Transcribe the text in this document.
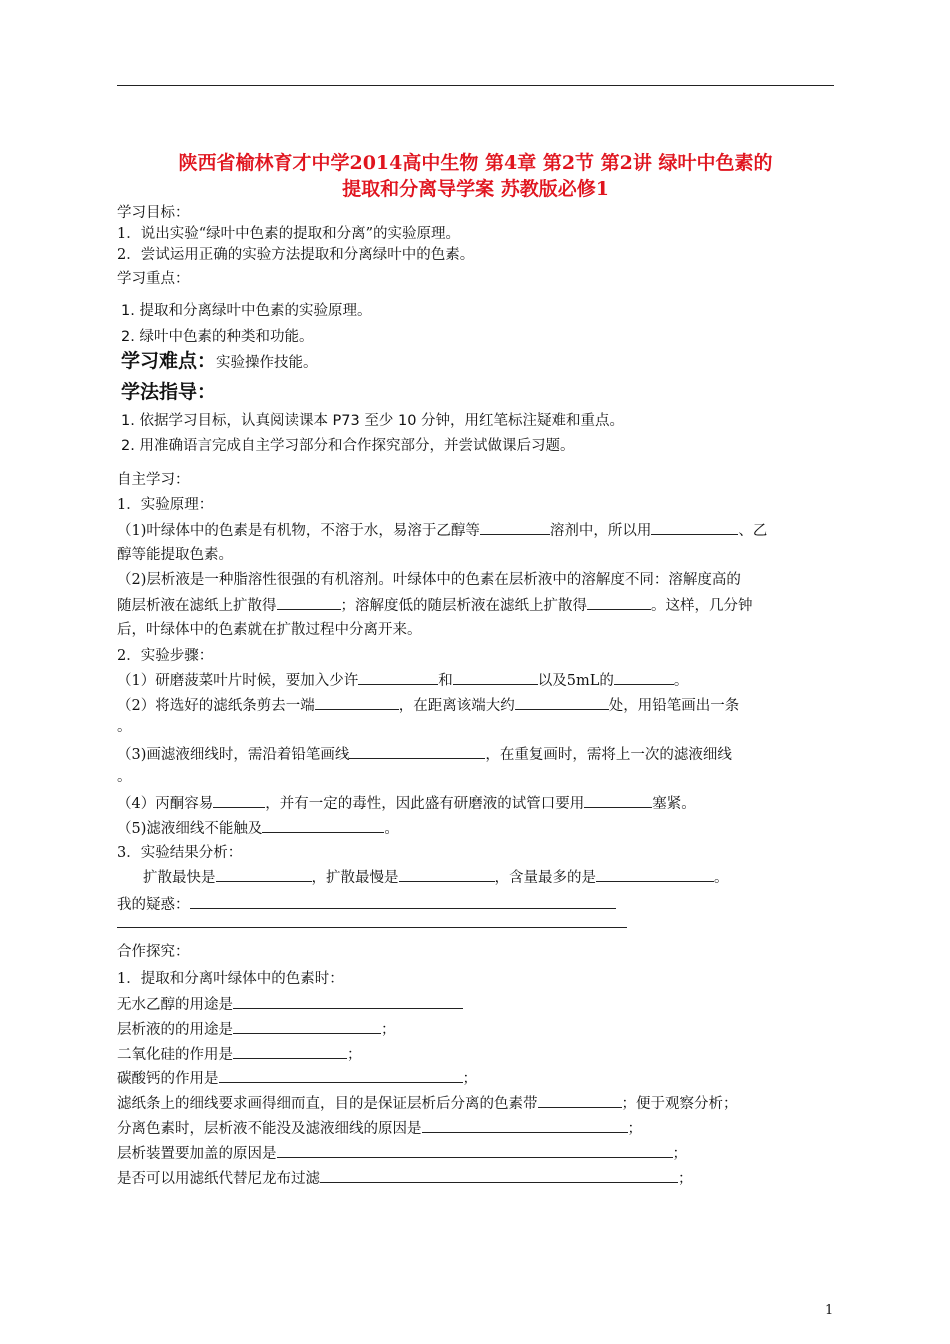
陕西省榆林育才中学2014高中生物 第4章 第2节 第2讲 绿叶中色素的
提取和分离导学案 苏教版必修1
学习目标：
1．说出实验“绿叶中色素的提取和分离”的实验原理。
2．尝试运用正确的实验方法提取和分离绿叶中的色素。
学习重点：
1. 提取和分离绿叶中色素的实验原理。
2. 绿叶中色素的种类和功能。
学习难点：实验操作技能。
学法指导：
1. 依据学习目标，认真阅读课本 P73 至少 10 分钟，用红笔标注疑难和重点。
2. 用准确语言完成自主学习部分和合作探究部分，并尝试做课后习题。
自主学习：
1．实验原理：
（1)叶绿体中的色素是有机物，不溶于水，易溶于乙醇等	溶剂中，所以用	、乙
醇等能提取色素。
（2)层析液是一种脂溶性很强的有机溶剂。叶绿体中的色素在层析液中的溶解度不同：溶解度高的
随层析液在滤纸上扩散得	；溶解度低的随层析液在滤纸上扩散得	。这样，几分钟
后，叶绿体中的色素就在扩散过程中分离开来。
2．实验步骤：
（1）研磨菠菜叶片时候，要加入少许	和	以及5mL的	。
（2）将选好的滤纸条剪去一端	，在距离该端大约	处，用铅笔画出一条
。
（3)画滤液细线时，需沿着铅笔画线	，在重复画时，需将上一次的滤液细线
。
（4）丙酮容易	，并有一定的毒性，因此盛有研磨液的试管口要用	塞紧。
（5)滤液细线不能触及	。
3．实验结果分析：
扩散最快是	，扩散最慢是	，含量最多的是	。
我的疑惑：
合作探究：
1．提取和分离叶绿体中的色素时：
无水乙醇的用途是
层析液的的用途是	；
二氧化硅的作用是	；
碳酸钙的作用是	；
滤纸条上的细线要求画得细而直，目的是保证层析后分离的色素带	；便于观察分析；
分离色素时，层析液不能没及滤液细线的原因是	；
层析装置要加盖的原因是	；
是否可以用滤纸代替尼龙布过滤	；
1
